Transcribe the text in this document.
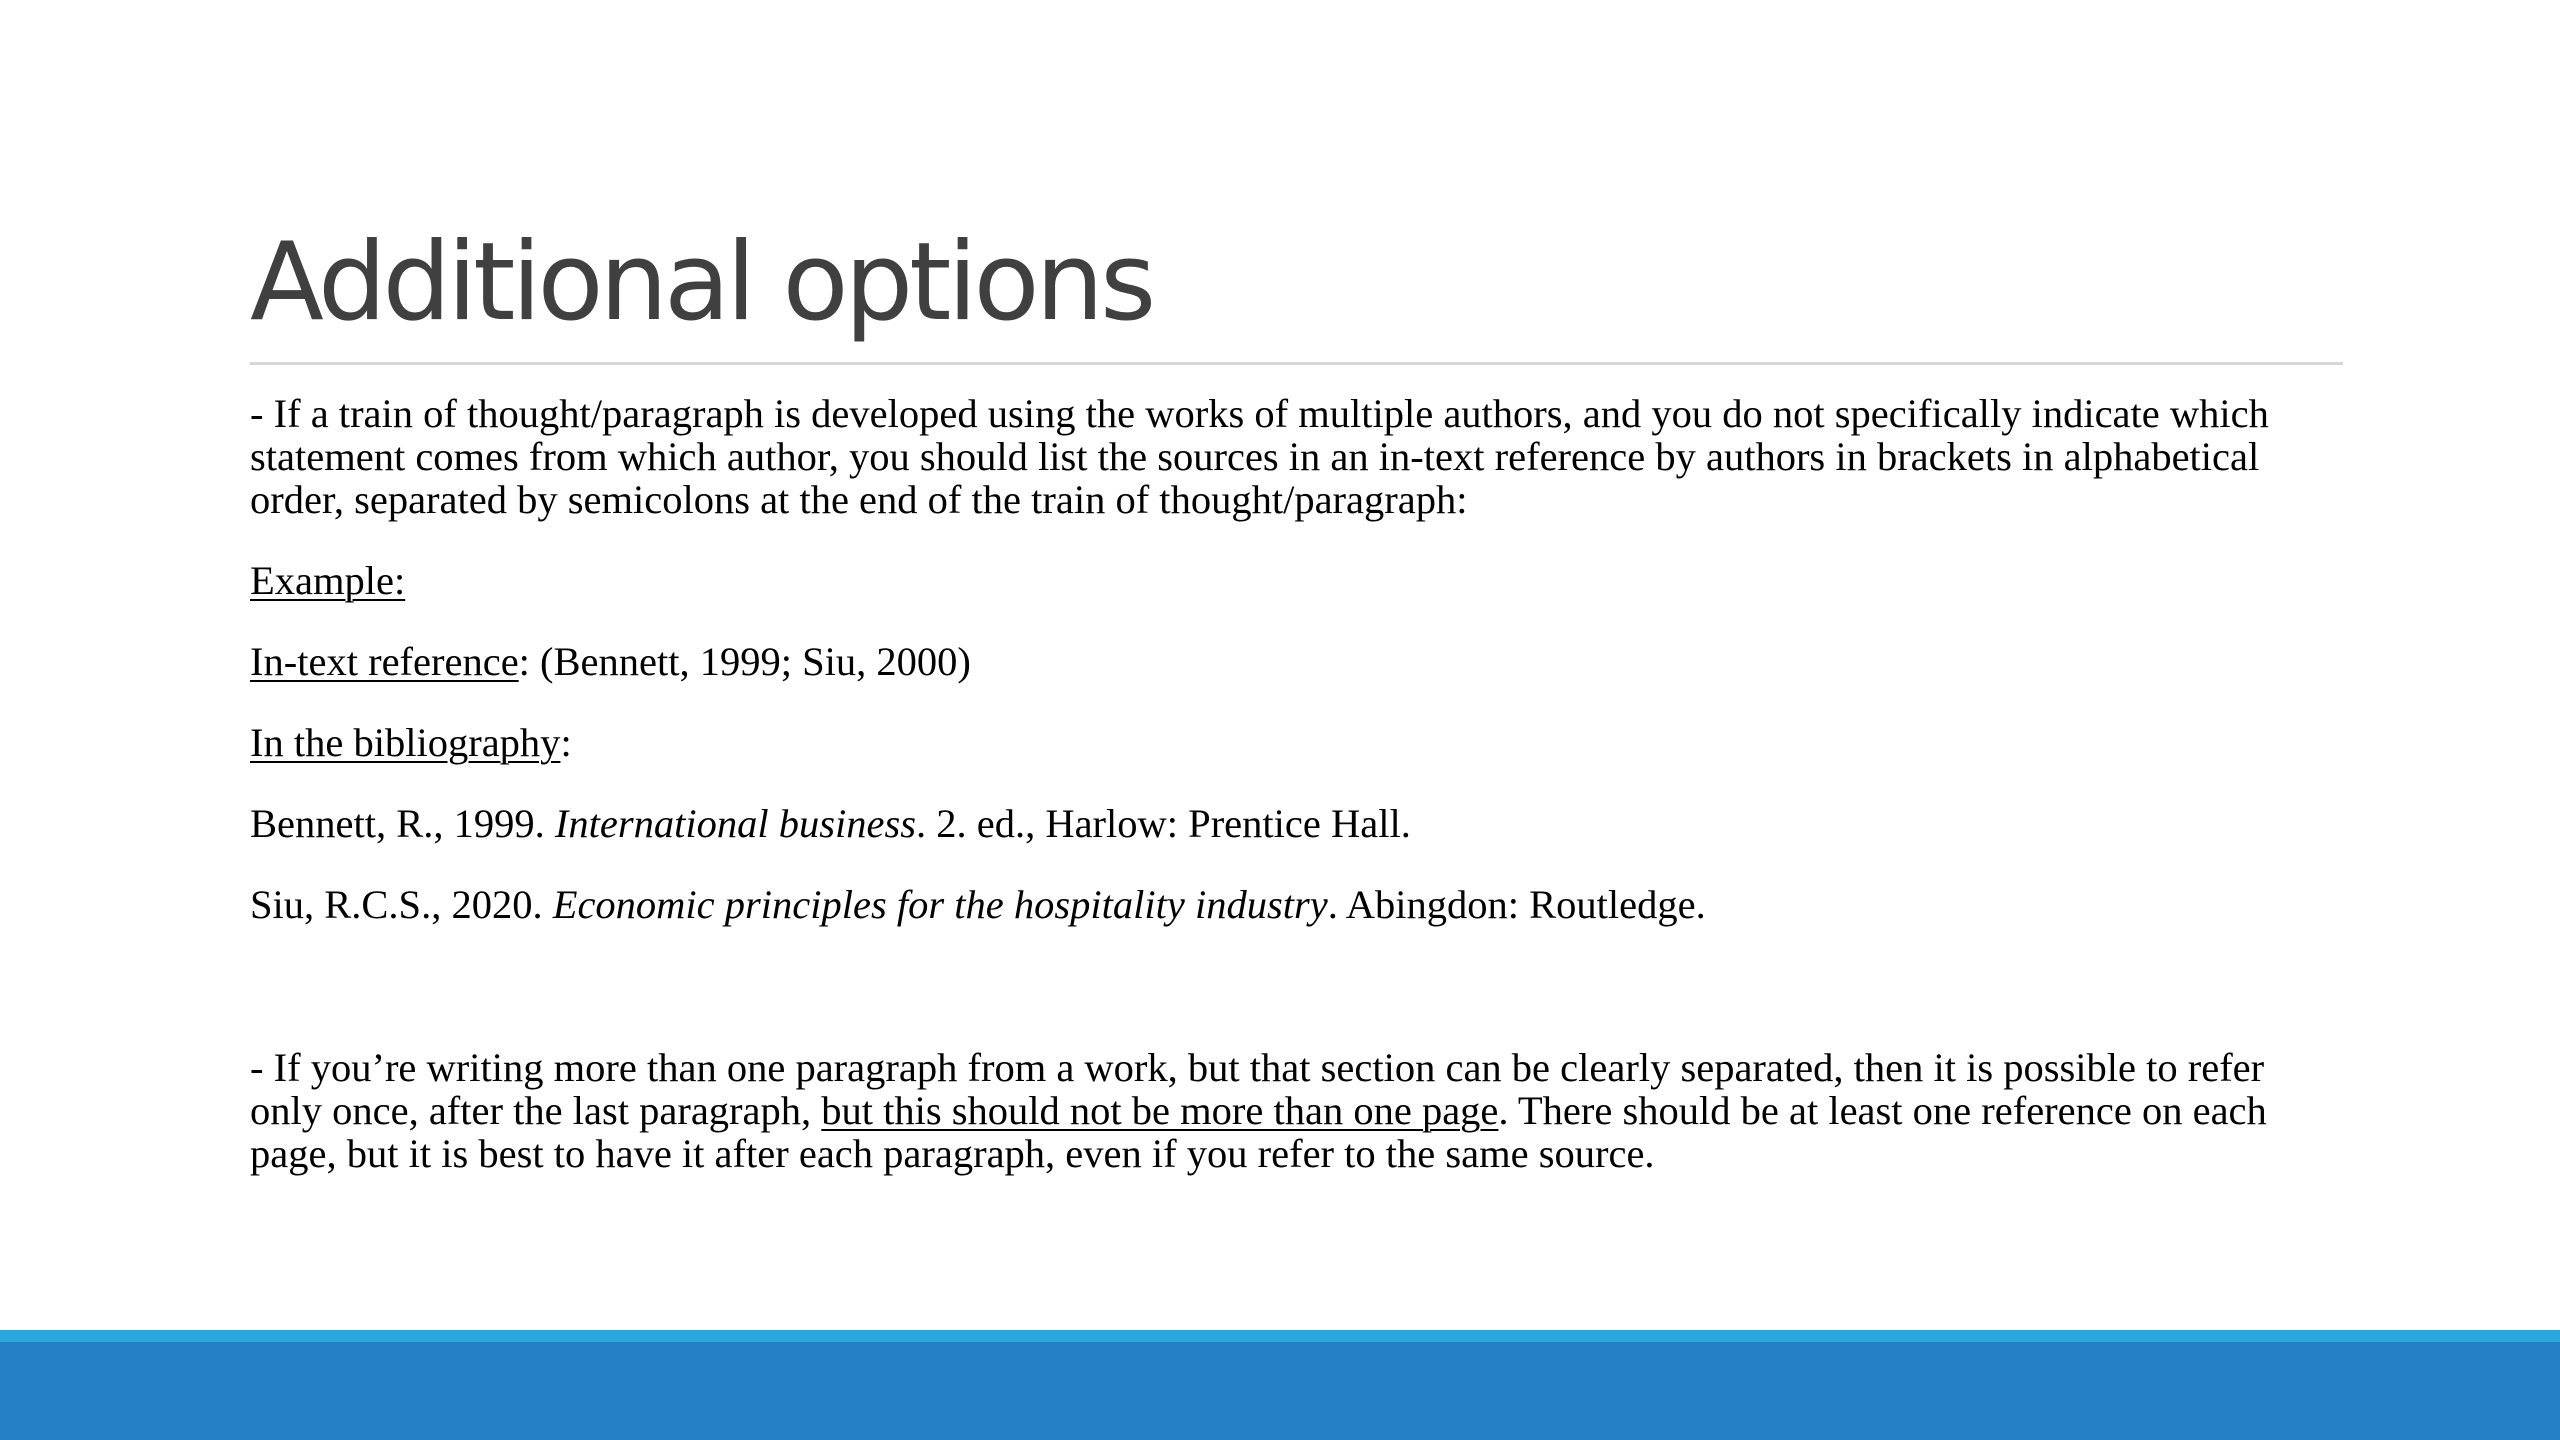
Additional options

- If a train of thought/paragraph is developed using the works of multiple authors, and you do not specifically indicate which statement comes from which author, you should list the sources in an in-text reference by authors in brackets in alphabetical order, separated by semicolons at the end of the train of thought/paragraph:

Example:

In-text reference: (Bennett, 1999; Siu, 2000)

In the bibliography:

Bennett, R., 1999. International business. 2. ed., Harlow: Prentice Hall.

Siu, R.C.S., 2020. Economic principles for the hospitality industry. Abingdon: Routledge.

- If you’re writing more than one paragraph from a work, but that section can be clearly separated, then it is possible to refer only once, after the last paragraph, but this should not be more than one page. There should be at least one reference on each page, but it is best to have it after each paragraph, even if you refer to the same source.
